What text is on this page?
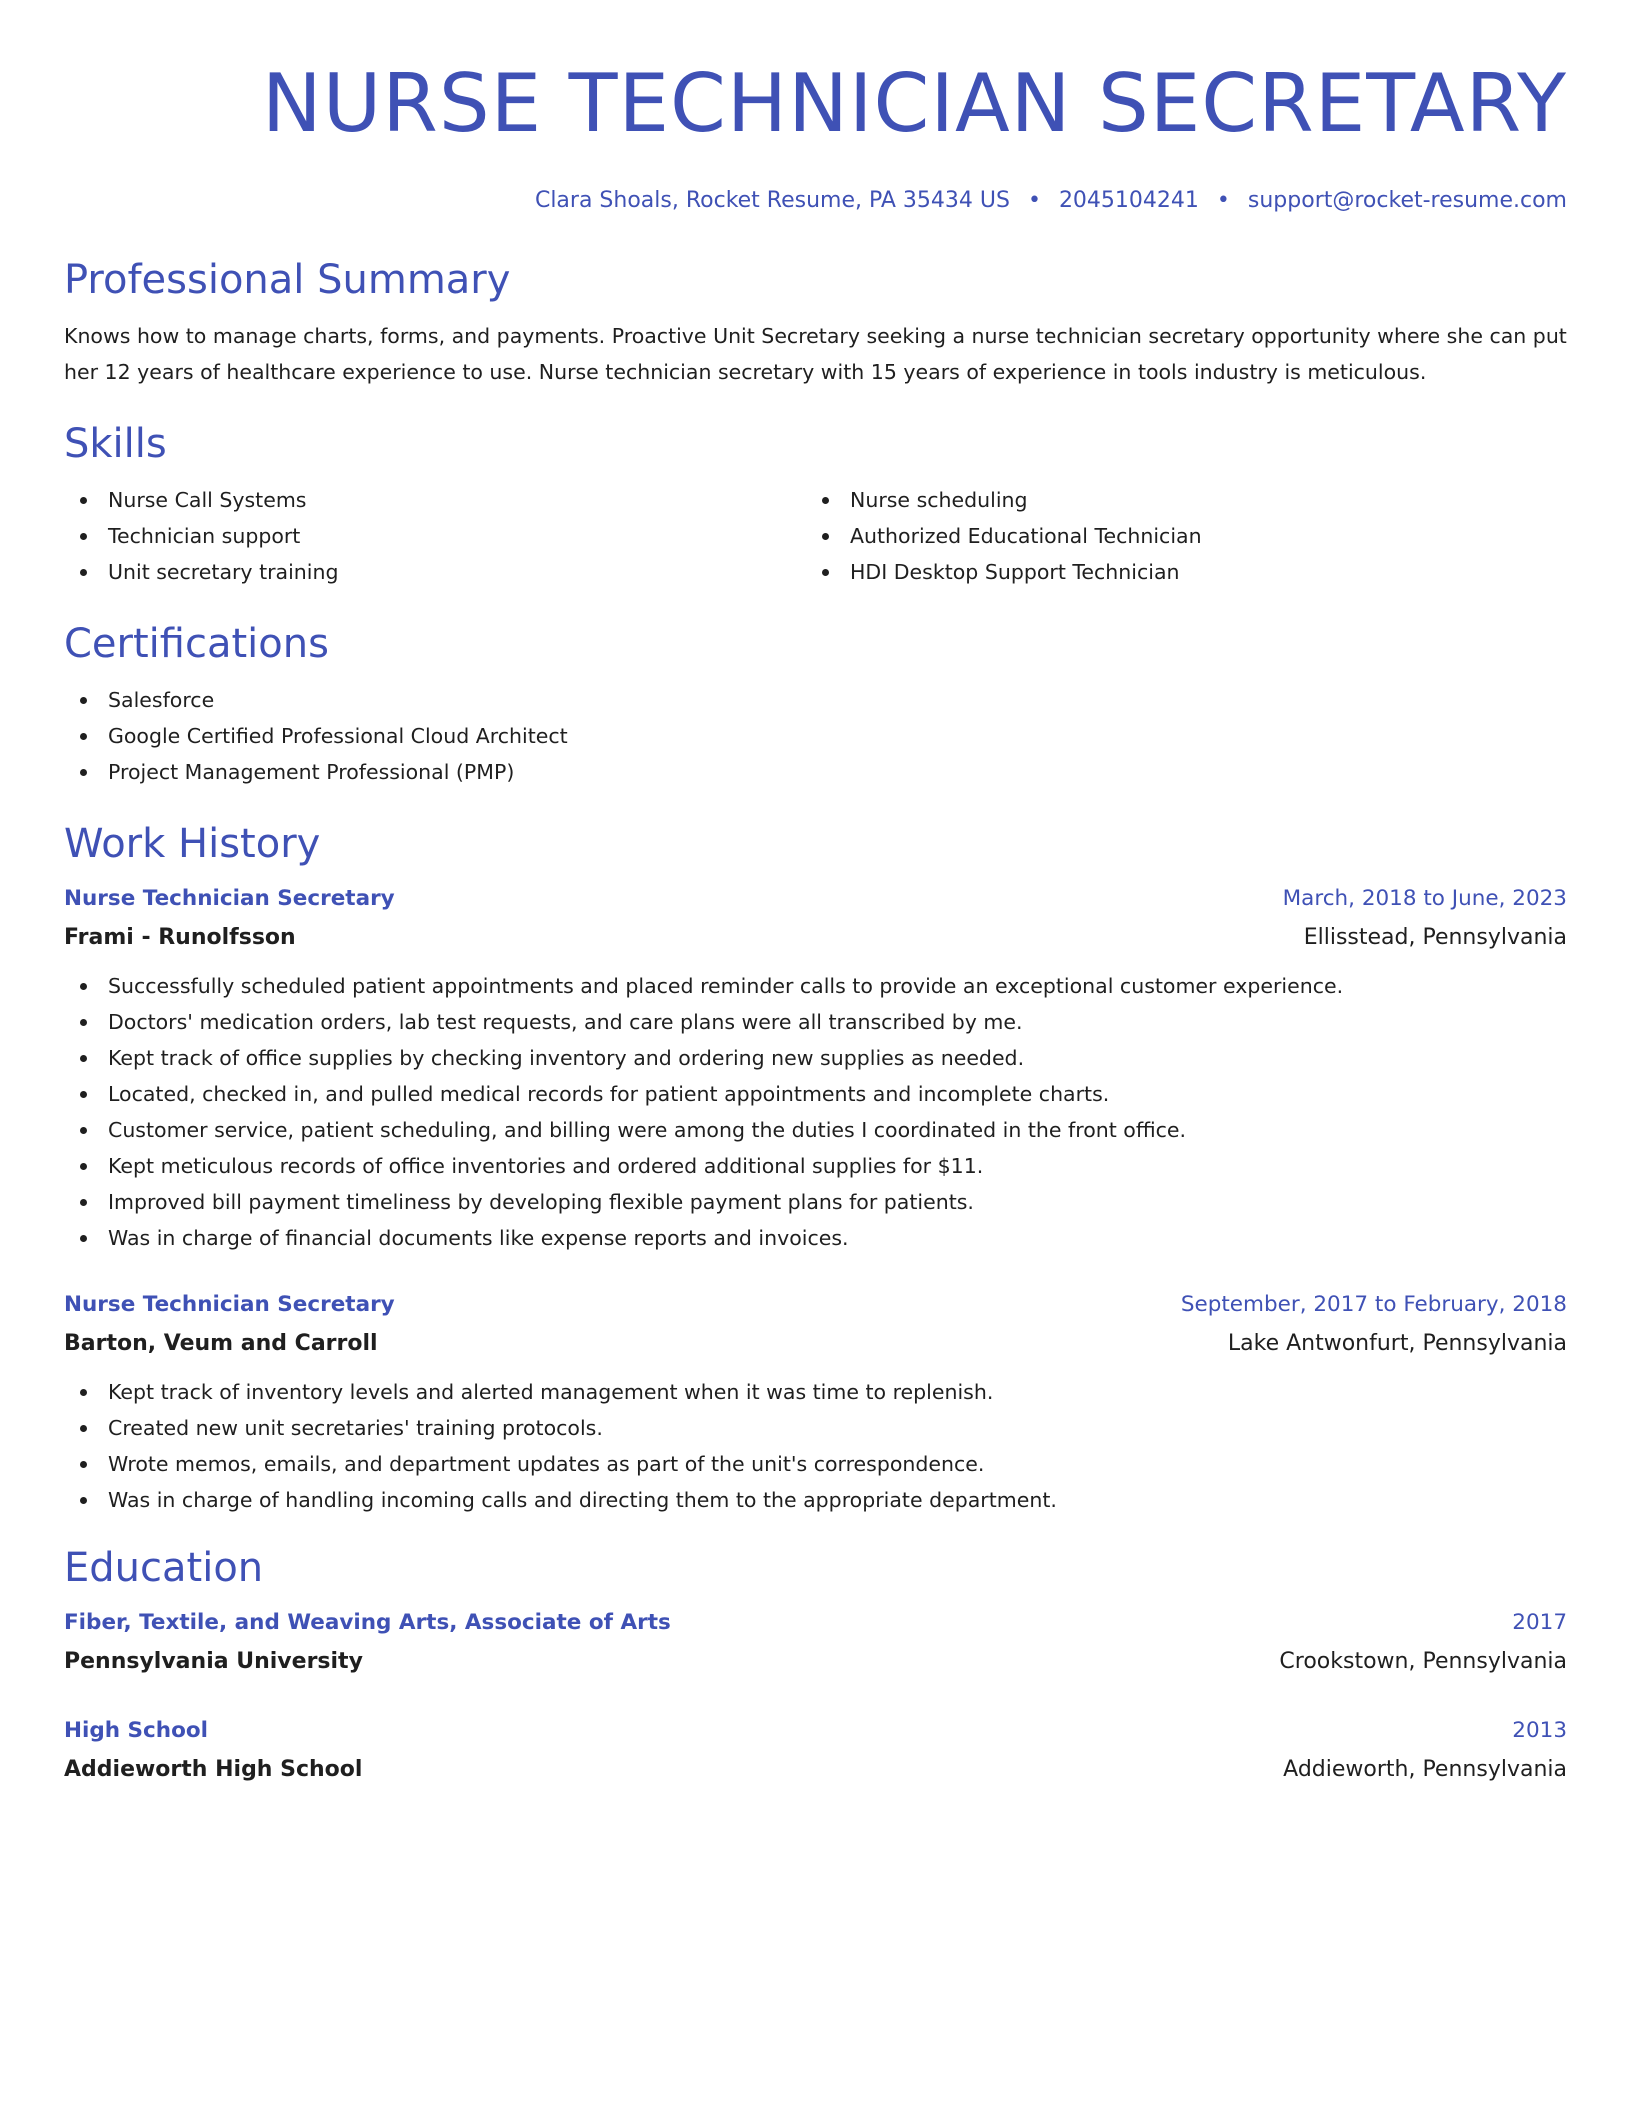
NURSE TECHNICIAN SECRETARY
Clara Shoals, Rocket Resume, PA 35434 US • 2045104241 • support@rocket-resume.com
Professional Summary

Knows how to manage charts, forms, and payments. Proactive Unit Secretary seeking a nurse technician secretary opportunity where she can put her 12 years of healthcare experience to use. Nurse technician secretary with 15 years of experience in tools industry is meticulous.

Skills
Nurse Call Systems
Technician support
Unit secretary training
Nurse scheduling
Authorized Educational Technician
HDI Desktop Support Technician
Certifications
Salesforce
Google Certified Professional Cloud Architect
Project Management Professional (PMP)
Work History
Nurse Technician Secretary	March, 2018 to June, 2023
Frami - Runolfsson	Ellisstead, Pennsylvania
Successfully scheduled patient appointments and placed reminder calls to provide an exceptional customer experience.
Doctors' medication orders, lab test requests, and care plans were all transcribed by me.
Kept track of office supplies by checking inventory and ordering new supplies as needed.
Located, checked in, and pulled medical records for patient appointments and incomplete charts.
Customer service, patient scheduling, and billing were among the duties I coordinated in the front office.
Kept meticulous records of office inventories and ordered additional supplies for $11.
Improved bill payment timeliness by developing flexible payment plans for patients.
Was in charge of financial documents like expense reports and invoices.
Nurse Technician Secretary	September, 2017 to February, 2018
Barton, Veum and Carroll	Lake Antwonfurt, Pennsylvania
Kept track of inventory levels and alerted management when it was time to replenish.
Created new unit secretaries' training protocols.
Wrote memos, emails, and department updates as part of the unit's correspondence.
Was in charge of handling incoming calls and directing them to the appropriate department.
Education
Fiber, Textile, and Weaving Arts, Associate of Arts	2017
Pennsylvania University	Crookstown, Pennsylvania
High School	2013
Addieworth High School	Addieworth, Pennsylvania
